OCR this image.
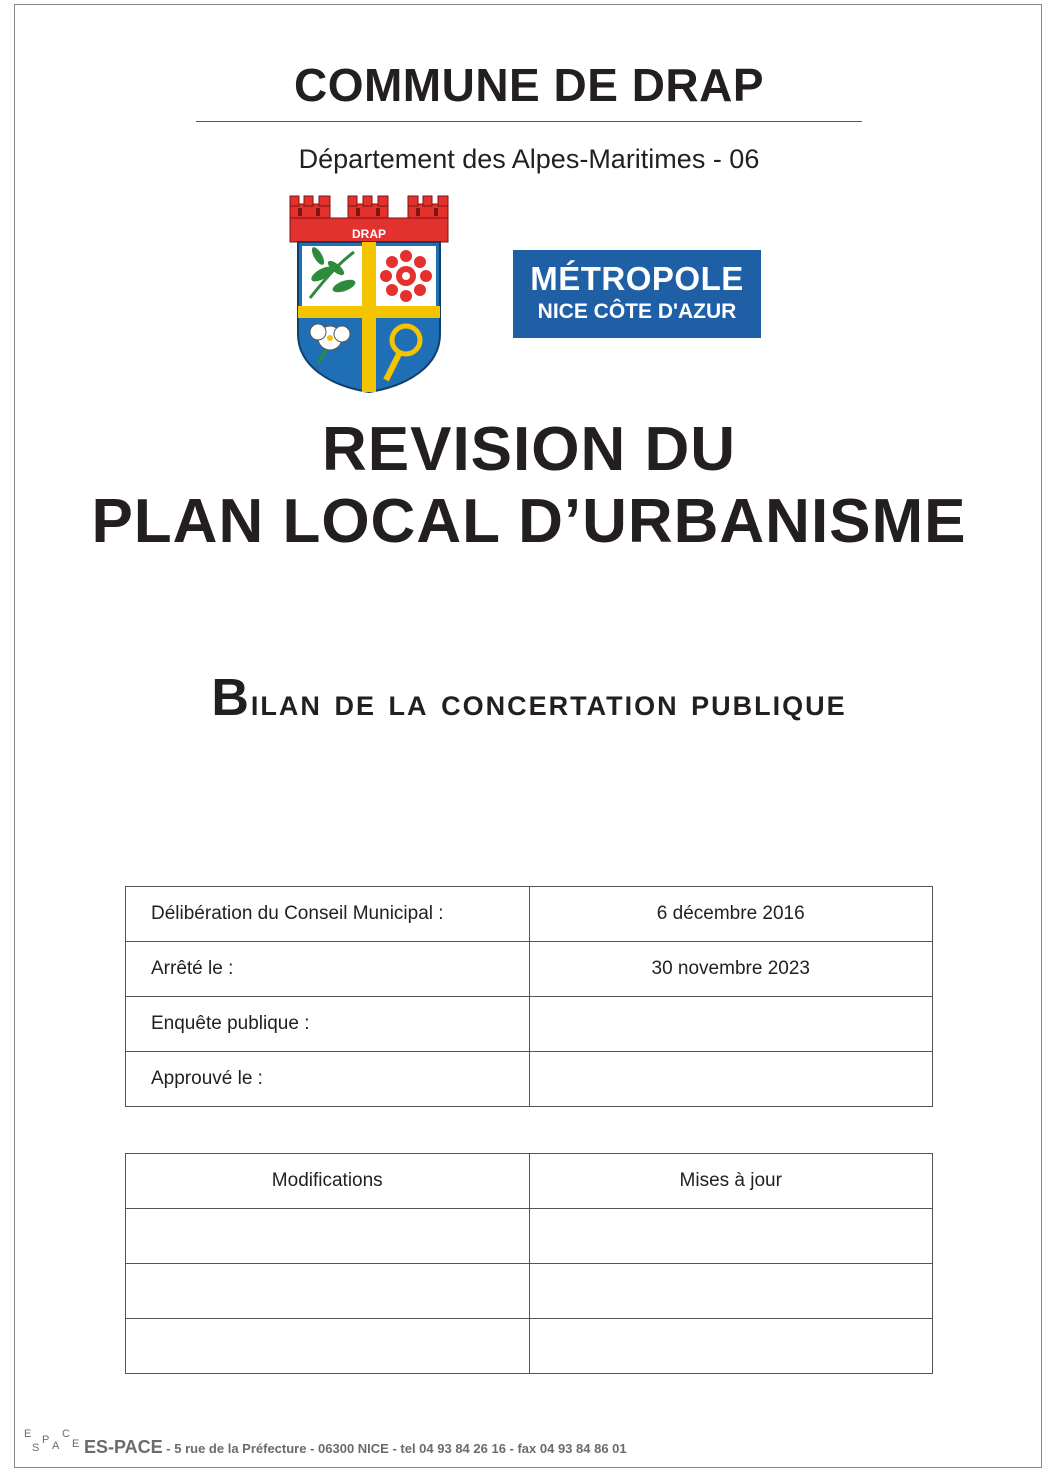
COMMUNE DE DRAP
Département des Alpes-Maritimes - 06
DRAP
MÉTROPOLE
NICE CÔTE D'AZUR
REVISION DU
PLAN LOCAL D’URBANISME
Bilan de la concertation publique
Délibération du Conseil Municipal :	6 décembre 2016
Arrêté le :	30 novembre 2023
Enquête publique :	
Approuvé le :	
Modifications	Mises à jour

E
S
P A
C
E ES-PACE - 5 rue de la Préfecture - 06300 NICE - tel 04 93 84 26 16 - fax 04 93 84 86 01
